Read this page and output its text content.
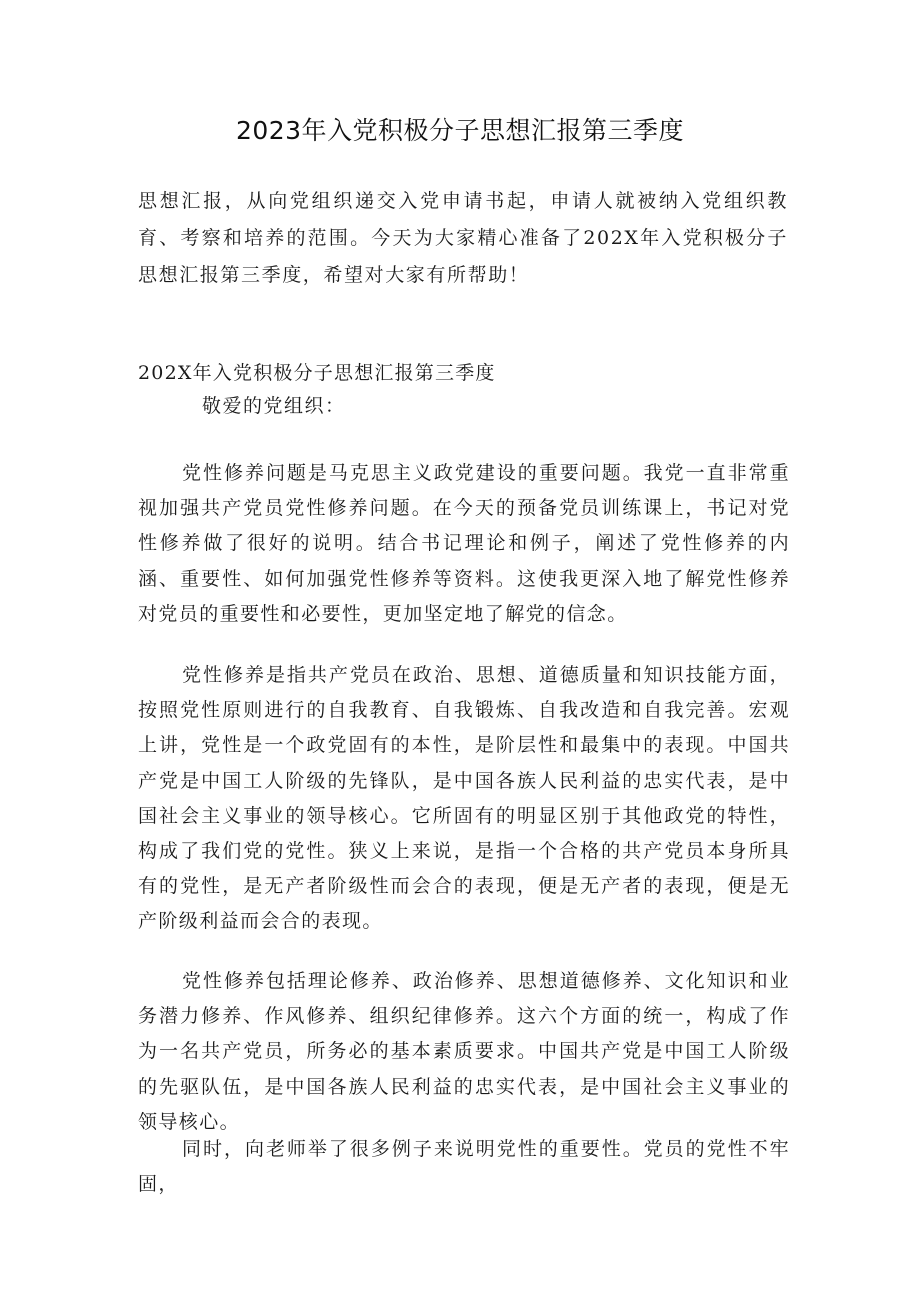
2023年入党积极分子思想汇报第三季度

思想汇报，从向党组织递交入党申请书起，申请人就被纳入党组织教育、考察和培养的范围。今天为大家精心准备了202X年入党积极分子思想汇报第三季度，希望对大家有所帮助！

202X年入党积极分子思想汇报第三季度

敬爱的党组织：

党性修养问题是马克思主义政党建设的重要问题。我党一直非常重视加强共产党员党性修养问题。在今天的预备党员训练课上，书记对党性修养做了很好的说明。结合书记理论和例子，阐述了党性修养的内涵、重要性、如何加强党性修养等资料。这使我更深入地了解党性修养对党员的重要性和必要性，更加坚定地了解党的信念。

党性修养是指共产党员在政治、思想、道德质量和知识技能方面，按照党性原则进行的自我教育、自我锻炼、自我改造和自我完善。宏观上讲，党性是一个政党固有的本性，是阶层性和最集中的表现。中国共产党是中国工人阶级的先锋队，是中国各族人民利益的忠实代表，是中国社会主义事业的领导核心。它所固有的明显区别于其他政党的特性，构成了我们党的党性。狭义上来说，是指一个合格的共产党员本身所具有的党性，是无产者阶级性而会合的表现，便是无产者的表现，便是无产阶级利益而会合的表现。

党性修养包括理论修养、政治修养、思想道德修养、文化知识和业务潜力修养、作风修养、组织纪律修养。这六个方面的统一，构成了作为一名共产党员，所务必的基本素质要求。中国共产党是中国工人阶级的先驱队伍，是中国各族人民利益的忠实代表，是中国社会主义事业的领导核心。

同时，向老师举了很多例子来说明党性的重要性。党员的党性不牢固，
